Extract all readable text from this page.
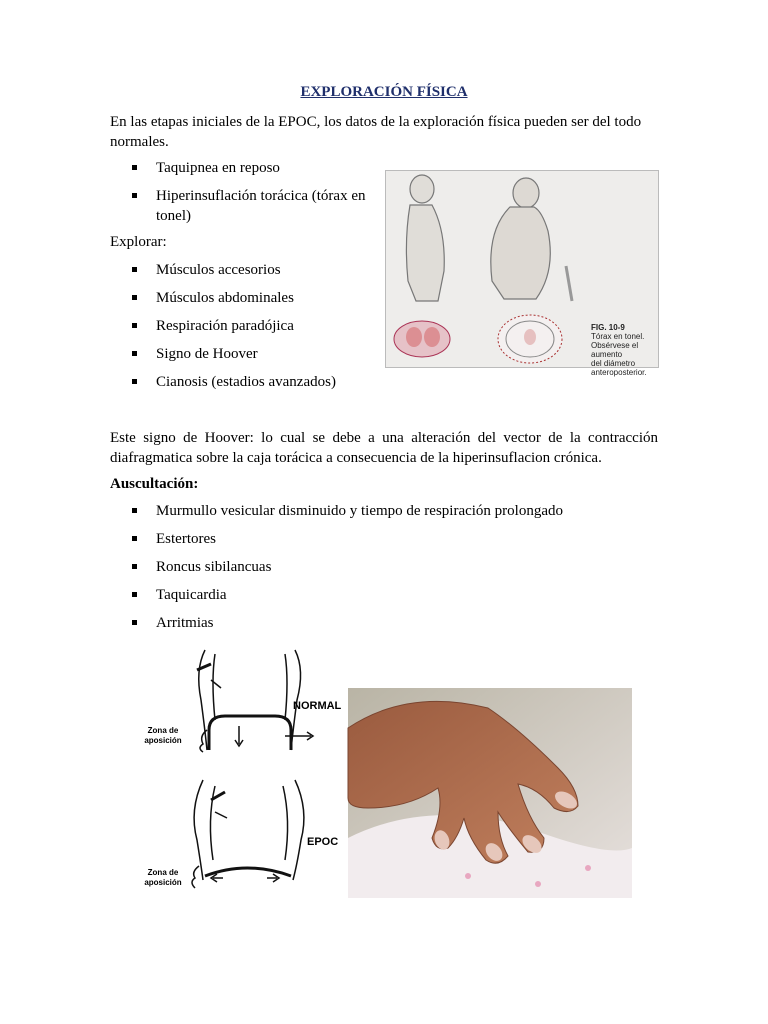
EXPLORACIÓN FÍSICA
En las etapas iniciales de la EPOC, los datos de la exploración física pueden ser del todo normales.
Taquipnea en reposo
Hiperinsuflación torácica (tórax en tonel)
Explorar:
Músculos accesorios
Músculos abdominales
Respiración paradójica
Signo de Hoover
Cianosis (estadios avanzados)
FIG. 10-9
Tórax en tonel.
Obsérvese el aumento
del diámetro
anteroposterior.
Este signo de Hoover: lo cual se debe a una alteración del vector de la contracción diafragmatica sobre la caja torácica a consecuencia de la hiperinsuflacion crónica.
Auscultación:
Murmullo vesicular disminuido y tiempo de respiración prolongado
Estertores
Roncus sibilancuas
Taquicardia
Arritmias
NORMAL
EPOC
Zona de
aposición
Zona de
aposición
